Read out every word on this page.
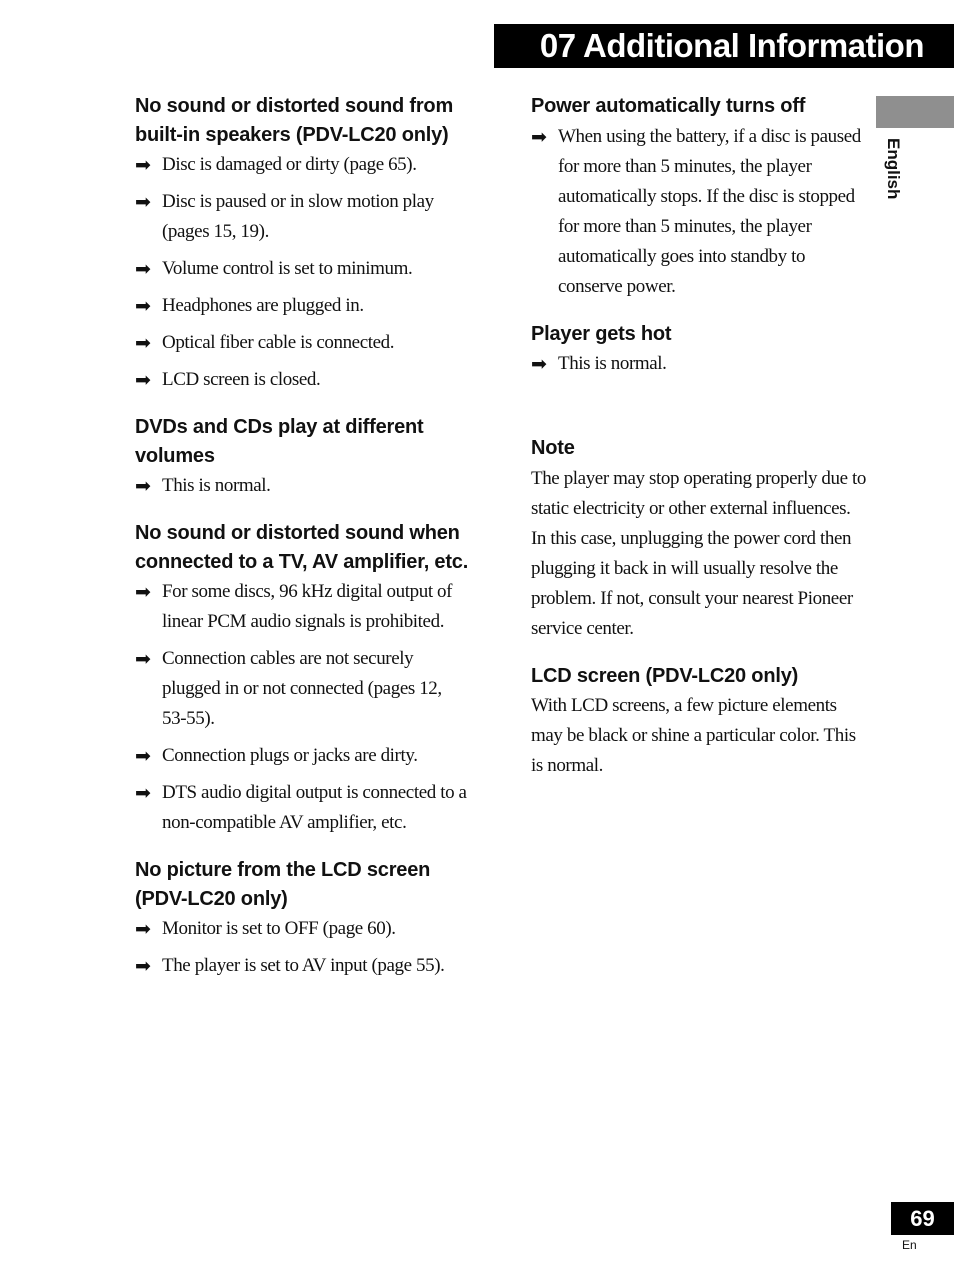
07 Additional Information
English
No sound or distorted sound from built-in speakers (PDV-LC20 only)
➡ Disc is damaged or dirty (page 65).
➡ Disc is paused or in slow motion play (pages 15, 19).
➡ Volume control is set to minimum.
➡ Headphones are plugged in.
➡ Optical fiber cable is connected.
➡ LCD screen is closed.
DVDs and CDs play at different volumes
➡ This is normal.
No sound or distorted sound when connected to a TV, AV amplifier, etc.
➡ For some discs, 96 kHz digital output of linear PCM audio signals is prohibited.
➡ Connection cables are not securely plugged in or not connected (pages 12, 53-55).
➡ Connection plugs or jacks are dirty.
➡ DTS audio digital output is connected to a non-compatible AV amplifier, etc.
No picture from the LCD screen (PDV-LC20 only)
➡ Monitor is set to OFF (page 60).
➡ The player is set to AV input (page 55).
Power automatically turns off
➡ When using the battery, if a disc is paused for more than 5 minutes, the player automatically stops. If the disc is stopped for more than 5 minutes, the player automatically goes into standby to conserve power.
Player gets hot
➡ This is normal.
Note

The player may stop operating properly due to static electricity or other external influences. In this case, unplugging the power cord then plugging it back in will usually resolve the problem. If not, consult your nearest Pioneer service center.

LCD screen (PDV-LC20 only)

With LCD screens, a few picture elements may be black or shine a particular color. This is normal.

69
En
